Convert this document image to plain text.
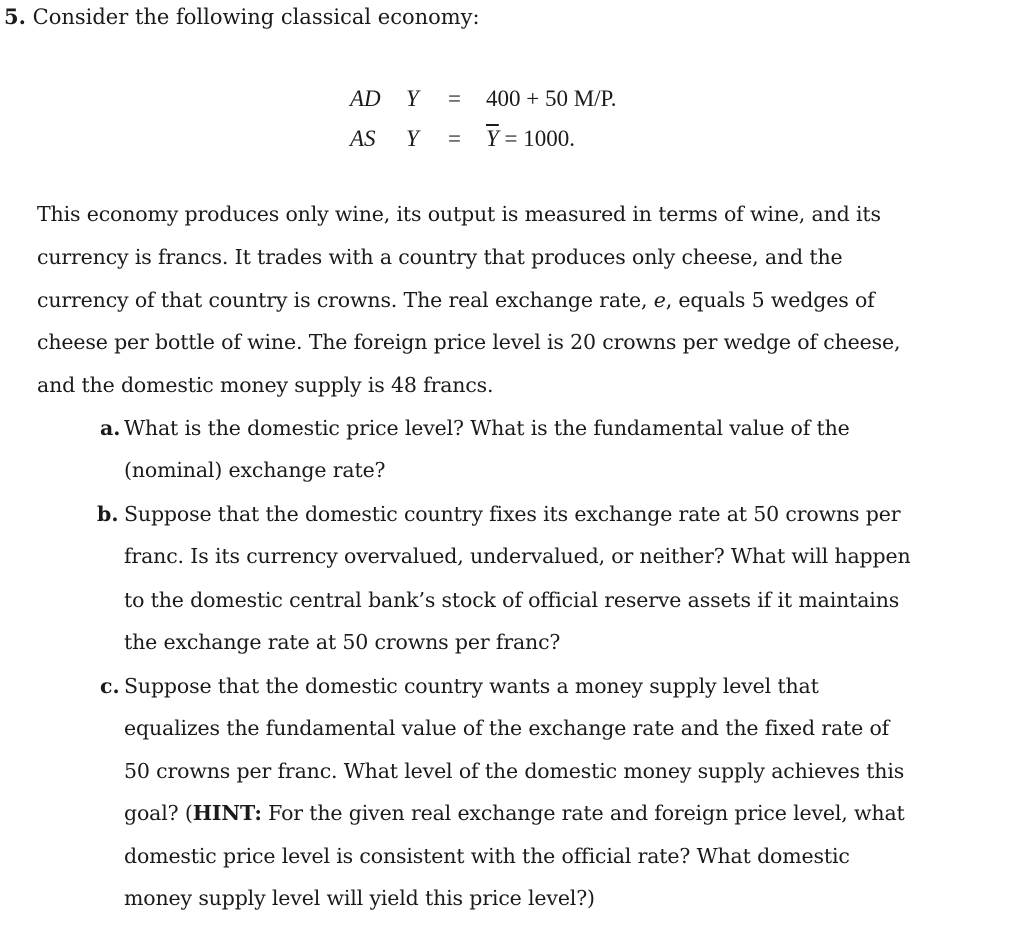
5. Consider the following classical economy:
AD Y = 400 + 50 M/P.
AS $Y = \overline{Y} = 1000$.
This economy produces only wine, its output is measured in terms of wine, and its
currency is francs. It trades with a country that produces only cheese, and the
currency of that country is crowns. The real exchange rate, e, equals 5 wedges of
cheese per bottle of wine. The foreign price level is 20 crowns per wedge of cheese,
and the domestic money supply is 48 francs.
a. What is the domestic price level? What is the fundamental value of the
(nominal) exchange rate?
b. Suppose that the domestic country fixes its exchange rate at 50 crowns per
franc. Is its currency overvalued, undervalued, or neither? What will happen
to the domestic central bank’s stock of official reserve assets if it maintains
the exchange rate at 50 crowns per franc?
c. Suppose that the domestic country wants a money supply level that
equalizes the fundamental value of the exchange rate and the fixed rate of
50 crowns per franc. What level of the domestic money supply achieves this
goal? (HINT: For the given real exchange rate and foreign price level, what
domestic price level is consistent with the official rate? What domestic
money supply level will yield this price level?)
